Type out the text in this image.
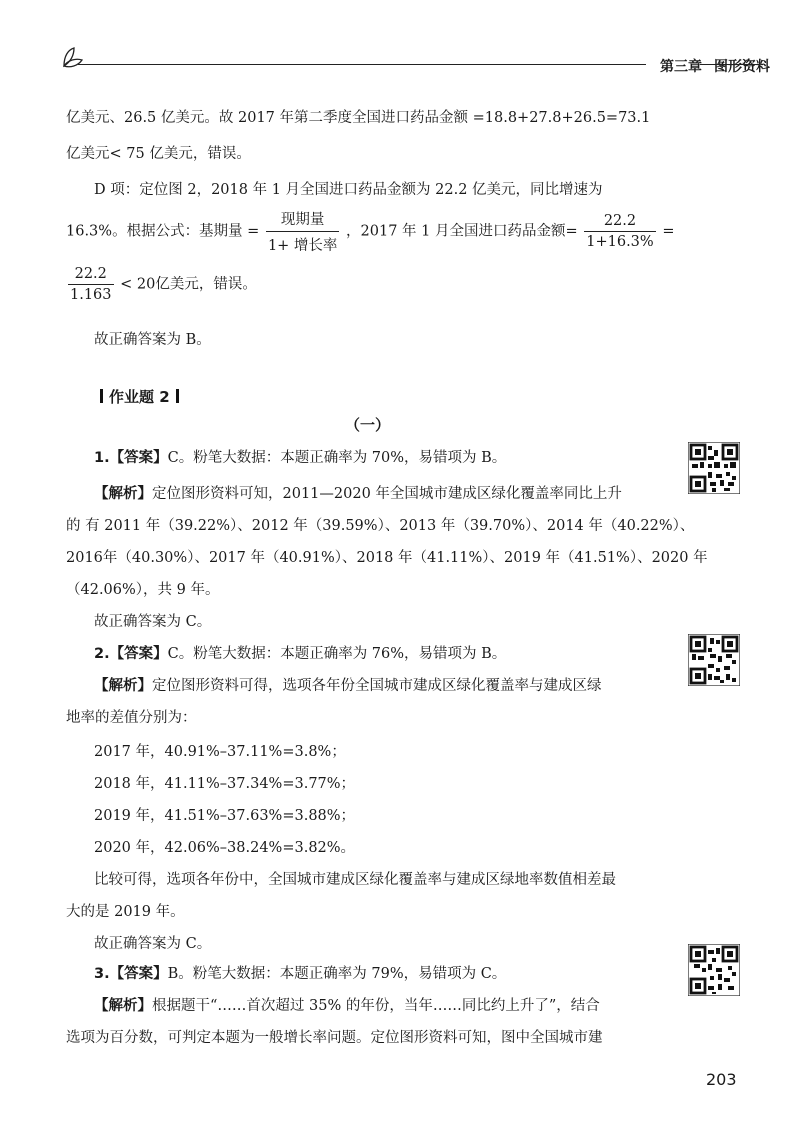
第三章 图形资料
亿美元、26.5 亿美元。故 2017 年第二季度全国进口药品金额 =18.8+27.8+26.5=73.1
亿美元< 75 亿美元，错误。
D 项：定位图 2，2018 年 1 月全国进口药品金额为 22.2 亿美元，同比增速为
16.3%。根据公式：基期量 = $\frac{\text{现期量}}{\text{1+ 增长率}}$ ，2017 年 1 月全国进口药品金额= $\frac{22.2}{1+16.3\%}$ =
$\frac{22.2}{1.163} < 20$亿美元，错误。
故正确答案为 B。
作业题 2
（一）
1.【答案】C。粉笔大数据：本题正确率为 70%，易错项为 B。
【解析】定位图形资料可知，2011—2020 年全国城市建成区绿化覆盖率同比上升
的 有 2011 年（39.22%）、2012 年（39.59%）、2013 年（39.70%）、2014 年（40.22%）、
2016年（40.30%）、2017 年（40.91%）、2018 年（41.11%）、2019 年（41.51%）、2020 年
（42.06%），共 9 年。
故正确答案为 C。
2.【答案】C。粉笔大数据：本题正确率为 76%，易错项为 B。
【解析】定位图形资料可得，选项各年份全国城市建成区绿化覆盖率与建成区绿
地率的差值分别为：
2017 年，40.91%–37.11%=3.8%；
2018 年，41.11%–37.34%=3.77%；
2019 年，41.51%–37.63%=3.88%；
2020 年，42.06%–38.24%=3.82%。
比较可得，选项各年份中，全国城市建成区绿化覆盖率与建成区绿地率数值相差最
大的是 2019 年。
故正确答案为 C。
3.【答案】B。粉笔大数据：本题正确率为 79%，易错项为 C。
【解析】根据题干“……首次超过 35% 的年份，当年……同比约上升了”，结合
选项为百分数，可判定本题为一般增长率问题。定位图形资料可知，图中全国城市建
203
